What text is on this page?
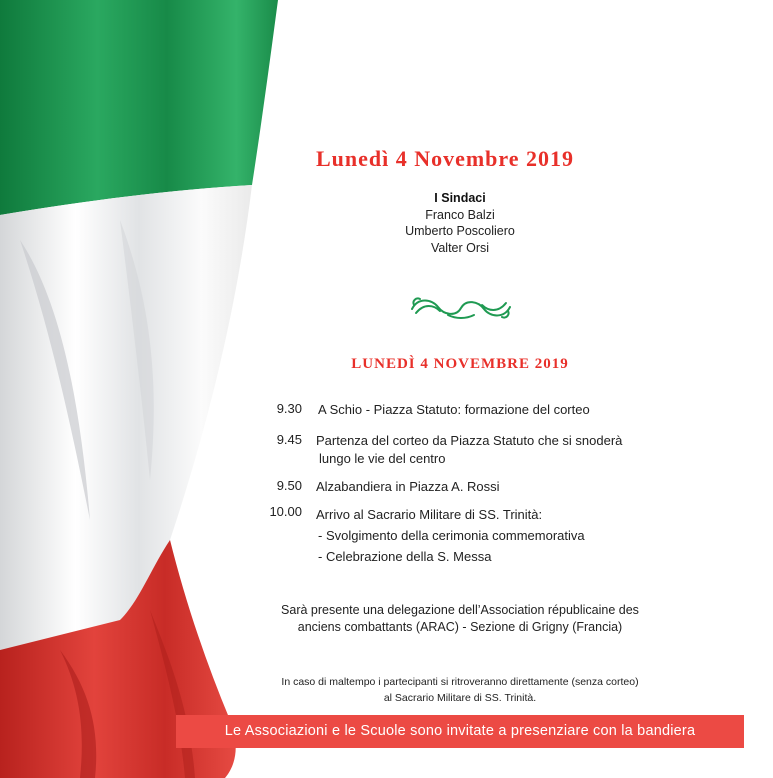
Lunedì 4 Novembre 2019
I Sindaci
Franco Balzi
Umberto Poscoliero
Valter Orsi
LUNEDÌ 4 NOVEMBRE 2019
9.30 A Schio - Piazza Statuto: formazione del corteo
9.45 Partenza del corteo da Piazza Statuto che si snoderà
lungo le vie del centro
9.50 Alzabandiera in Piazza A. Rossi
10.00 Arrivo al Sacrario Militare di SS. Trinità:
- Svolgimento della cerimonia commemorativa
- Celebrazione della S. Messa
Sarà presente una delegazione dell’Association républicaine des
anciens combattants (ARAC) - Sezione di Grigny (Francia)
In caso di maltempo i partecipanti si ritroveranno direttamente (senza corteo)
al Sacrario Militare di SS. Trinità.
Le Associazioni e le Scuole sono invitate a presenziare con la bandiera
